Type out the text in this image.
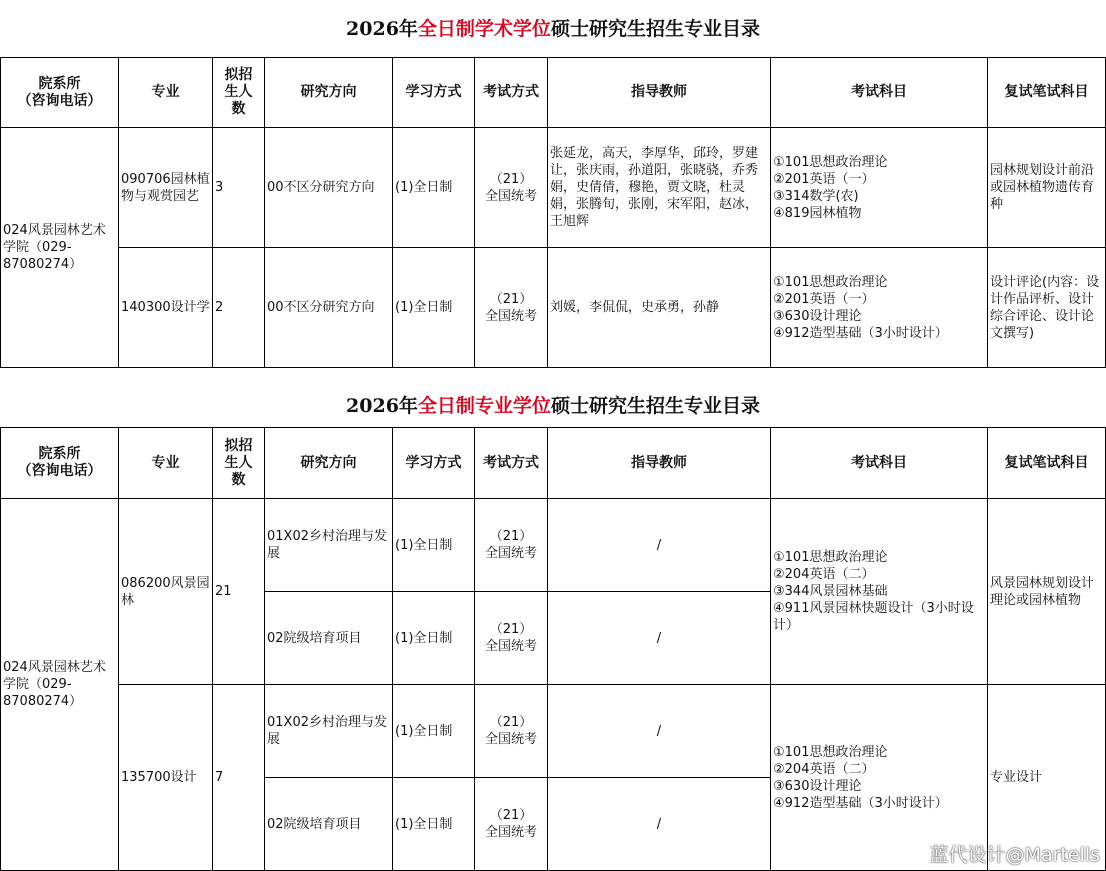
2026年全日制学术学位硕士研究生招生专业目录
院系所
（咨询电话）	专业	拟招
生人
数	研究方向	学习方式	考试方式	指导教师	考试科目	复试笔试科目
024风景园林艺术学院（029-87080274）	090706园林植物与观赏园艺	3	00不区分研究方向	(1)全日制	（21）
全国统考	张延龙，高天，李厚华，邱玲，罗建让，张庆雨，孙道阳，张晓骁，乔秀娟，史倩倩，穆艳，贾文晓，杜灵娟，张腾旬，张刚，宋军阳，赵冰，王旭辉	①101思想政治理论
②201英语（一）
③314数学(农)
④819园林植物	园林规划设计前沿或园林植物遗传育种
	140300设计学	2	00不区分研究方向	(1)全日制	（21）
全国统考	刘媛，李侃侃，史承勇，孙静	①101思想政治理论
②201英语（一）
③630设计理论
④912造型基础（3小时设计）	设计评论(内容：设计作品评析、设计综合评论、设计论文撰写)
2026年全日制专业学位硕士研究生招生专业目录
院系所
（咨询电话）	专业	拟招
生人
数	研究方向	学习方式	考试方式	指导教师	考试科目	复试笔试科目
024风景园林艺术学院（029-87080274）	086200风景园林	21	01X02乡村治理与发展	(1)全日制	（21）
全国统考	/	①101思想政治理论
②204英语（二）
③344风景园林基础
④911风景园林快题设计（3小时设计）	风景园林规划设计理论或园林植物
			02院级培育项目	(1)全日制	（21）
全国统考	/		
	135700设计	7	01X02乡村治理与发展	(1)全日制	（21）
全国统考	/	①101思想政治理论
②204英语（二）
③630设计理论
④912造型基础（3小时设计）	专业设计
			02院级培育项目	(1)全日制	（21）
全国统考	/		
蓝代设计@Martells
